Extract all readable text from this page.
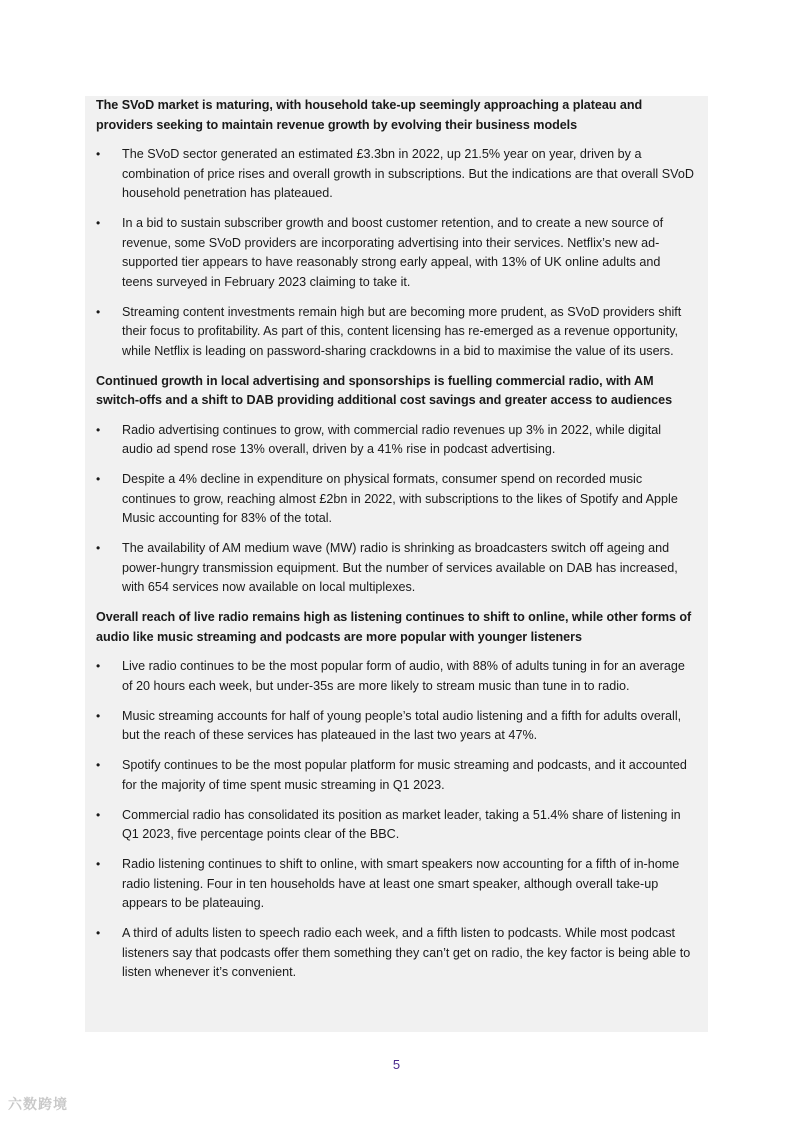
The SVoD market is maturing, with household take-up seemingly approaching a plateau and providers seeking to maintain revenue growth by evolving their business models

•	The SVoD sector generated an estimated £3.3bn in 2022, up 21.5% year on year, driven by a combination of price rises and overall growth in subscriptions. But the indications are that overall SVoD household penetration has plateaued.
•	In a bid to sustain subscriber growth and boost customer retention, and to create a new source of revenue, some SVoD providers are incorporating advertising into their services. Netflix’s new ad-supported tier appears to have reasonably strong early appeal, with 13% of UK online adults and teens surveyed in February 2023 claiming to take it.
•	Streaming content investments remain high but are becoming more prudent, as SVoD providers shift their focus to profitability. As part of this, content licensing has re-emerged as a revenue opportunity, while Netflix is leading on password-sharing crackdowns in a bid to maximise the value of its users.

Continued growth in local advertising and sponsorships is fuelling commercial radio, with AM switch-offs and a shift to DAB providing additional cost savings and greater access to audiences

•	Radio advertising continues to grow, with commercial radio revenues up 3% in 2022, while digital audio ad spend rose 13% overall, driven by a 41% rise in podcast advertising.
•	Despite a 4% decline in expenditure on physical formats, consumer spend on recorded music continues to grow, reaching almost £2bn in 2022, with subscriptions to the likes of Spotify and Apple Music accounting for 83% of the total.
•	The availability of AM medium wave (MW) radio is shrinking as broadcasters switch off ageing and power-hungry transmission equipment. But the number of services available on DAB has increased, with 654 services now available on local multiplexes.

Overall reach of live radio remains high as listening continues to shift to online, while other forms of audio like music streaming and podcasts are more popular with younger listeners

•	Live radio continues to be the most popular form of audio, with 88% of adults tuning in for an average of 20 hours each week, but under-35s are more likely to stream music than tune in to radio.
•	Music streaming accounts for half of young people’s total audio listening and a fifth for adults overall, but the reach of these services has plateaued in the last two years at 47%.
•	Spotify continues to be the most popular platform for music streaming and podcasts, and it accounted for the majority of time spent music streaming in Q1 2023.
•	Commercial radio has consolidated its position as market leader, taking a 51.4% share of listening in Q1 2023, five percentage points clear of the BBC.
•	Radio listening continues to shift to online, with smart speakers now accounting for a fifth of in-home radio listening. Four in ten households have at least one smart speaker, although overall take-up appears to be plateauing.
•	A third of adults listen to speech radio each week, and a fifth listen to podcasts. While most podcast listeners say that podcasts offer them something they can’t get on radio, the key factor is being able to listen whenever it’s convenient.
5
六数跨境
